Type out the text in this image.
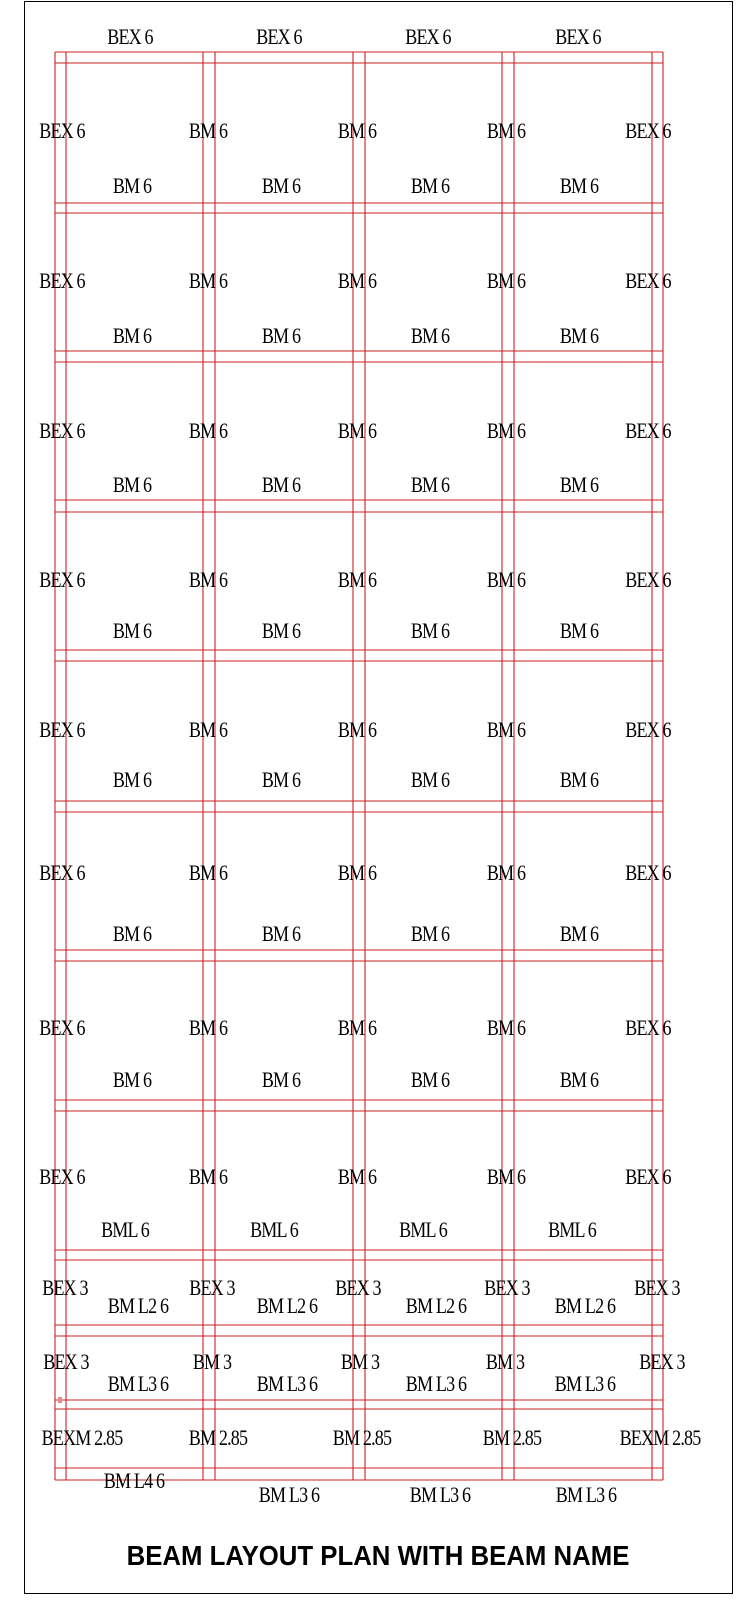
BEX 6	BEX 6	BEX 6	BEX 6
BEX 6	BM 6	BM 6	BM 6	BEX 6
BM 6	BM 6	BM 6	BM 6
BEX 6	BM 6	BM 6	BM 6	BEX 6
BM 6	BM 6	BM 6	BM 6
BEX 6	BM 6	BM 6	BM 6	BEX 6
BM 6	BM 6	BM 6	BM 6
BEX 6	BM 6	BM 6	BM 6	BEX 6
BM 6	BM 6	BM 6	BM 6
BEX 6	BM 6	BM 6	BM 6	BEX 6
BM 6	BM 6	BM 6	BM 6
BEX 6	BM 6	BM 6	BM 6	BEX 6
BM 6	BM 6	BM 6	BM 6
BEX 6	BM 6	BM 6	BM 6	BEX 6
BM 6	BM 6	BM 6	BM 6
BEX 6	BM 6	BM 6	BM 6	BEX 6
BML 6	BML 6	BML 6	BML 6
BEX 3	BEX 3	BEX 3	BEX 3	BEX 3
BM L2 6	BM L2 6	BM L2 6	BM L2 6
BEX 3	BM 3	BM 3	BM 3	BEX 3
BM L3 6	BM L3 6	BM L3 6	BM L3 6
BEXM 2.85	BM 2.85	BM 2.85	BM 2.85	BEXM 2.85
BM L4 6
BM L3 6	BM L3 6	BM L3 6
BEAM LAYOUT PLAN WITH BEAM NAME
